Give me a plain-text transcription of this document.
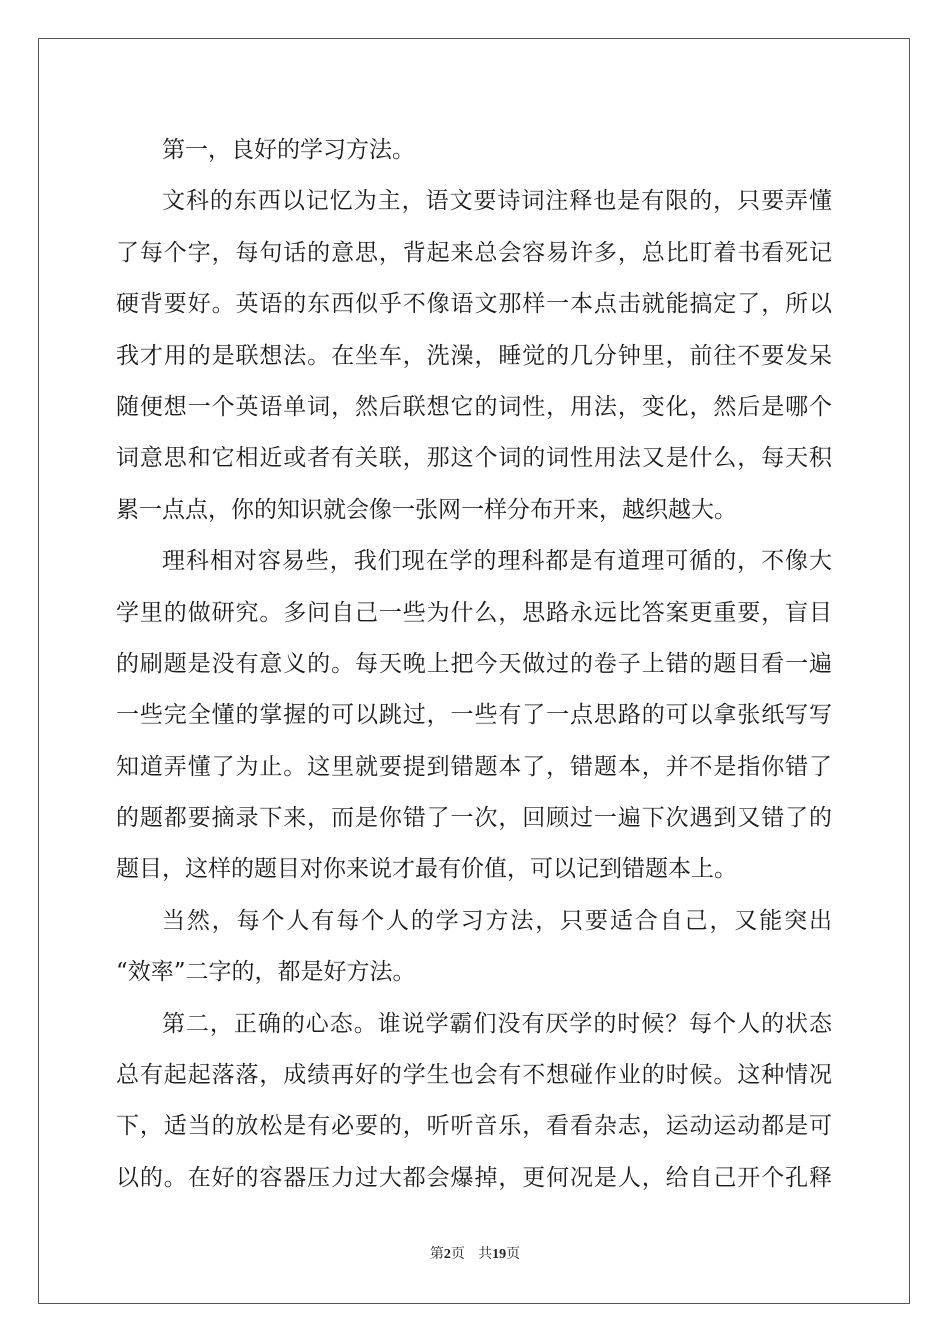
第一，良好的学习方法。
文科的东西以记忆为主，语文要诗词注释也是有限的，只要弄懂
了每个字，每句话的意思，背起来总会容易许多，总比盯着书看死记
硬背要好。英语的东西似乎不像语文那样一本点击就能搞定了，所以
我才用的是联想法。在坐车，洗澡，睡觉的几分钟里，前往不要发呆
随便想一个英语单词，然后联想它的词性，用法，变化，然后是哪个
词意思和它相近或者有关联，那这个词的词性用法又是什么，每天积
累一点点，你的知识就会像一张网一样分布开来，越织越大。
理科相对容易些，我们现在学的理科都是有道理可循的，不像大
学里的做研究。多问自己一些为什么，思路永远比答案更重要，盲目
的刷题是没有意义的。每天晚上把今天做过的卷子上错的题目看一遍
一些完全懂的掌握的可以跳过，一些有了一点思路的可以拿张纸写写
知道弄懂了为止。这里就要提到错题本了，错题本，并不是指你错了
的题都要摘录下来，而是你错了一次，回顾过一遍下次遇到又错了的
题目，这样的题目对你来说才最有价值，可以记到错题本上。
当然，每个人有每个人的学习方法，只要适合自己，又能突出
“效率”二字的，都是好方法。
第二，正确的心态。谁说学霸们没有厌学的时候？每个人的状态
总有起起落落，成绩再好的学生也会有不想碰作业的时候。这种情况
下，适当的放松是有必要的，听听音乐，看看杂志，运动运动都是可
以的。在好的容器压力过大都会爆掉，更何况是人，给自己开个孔释
第2页 共19页
